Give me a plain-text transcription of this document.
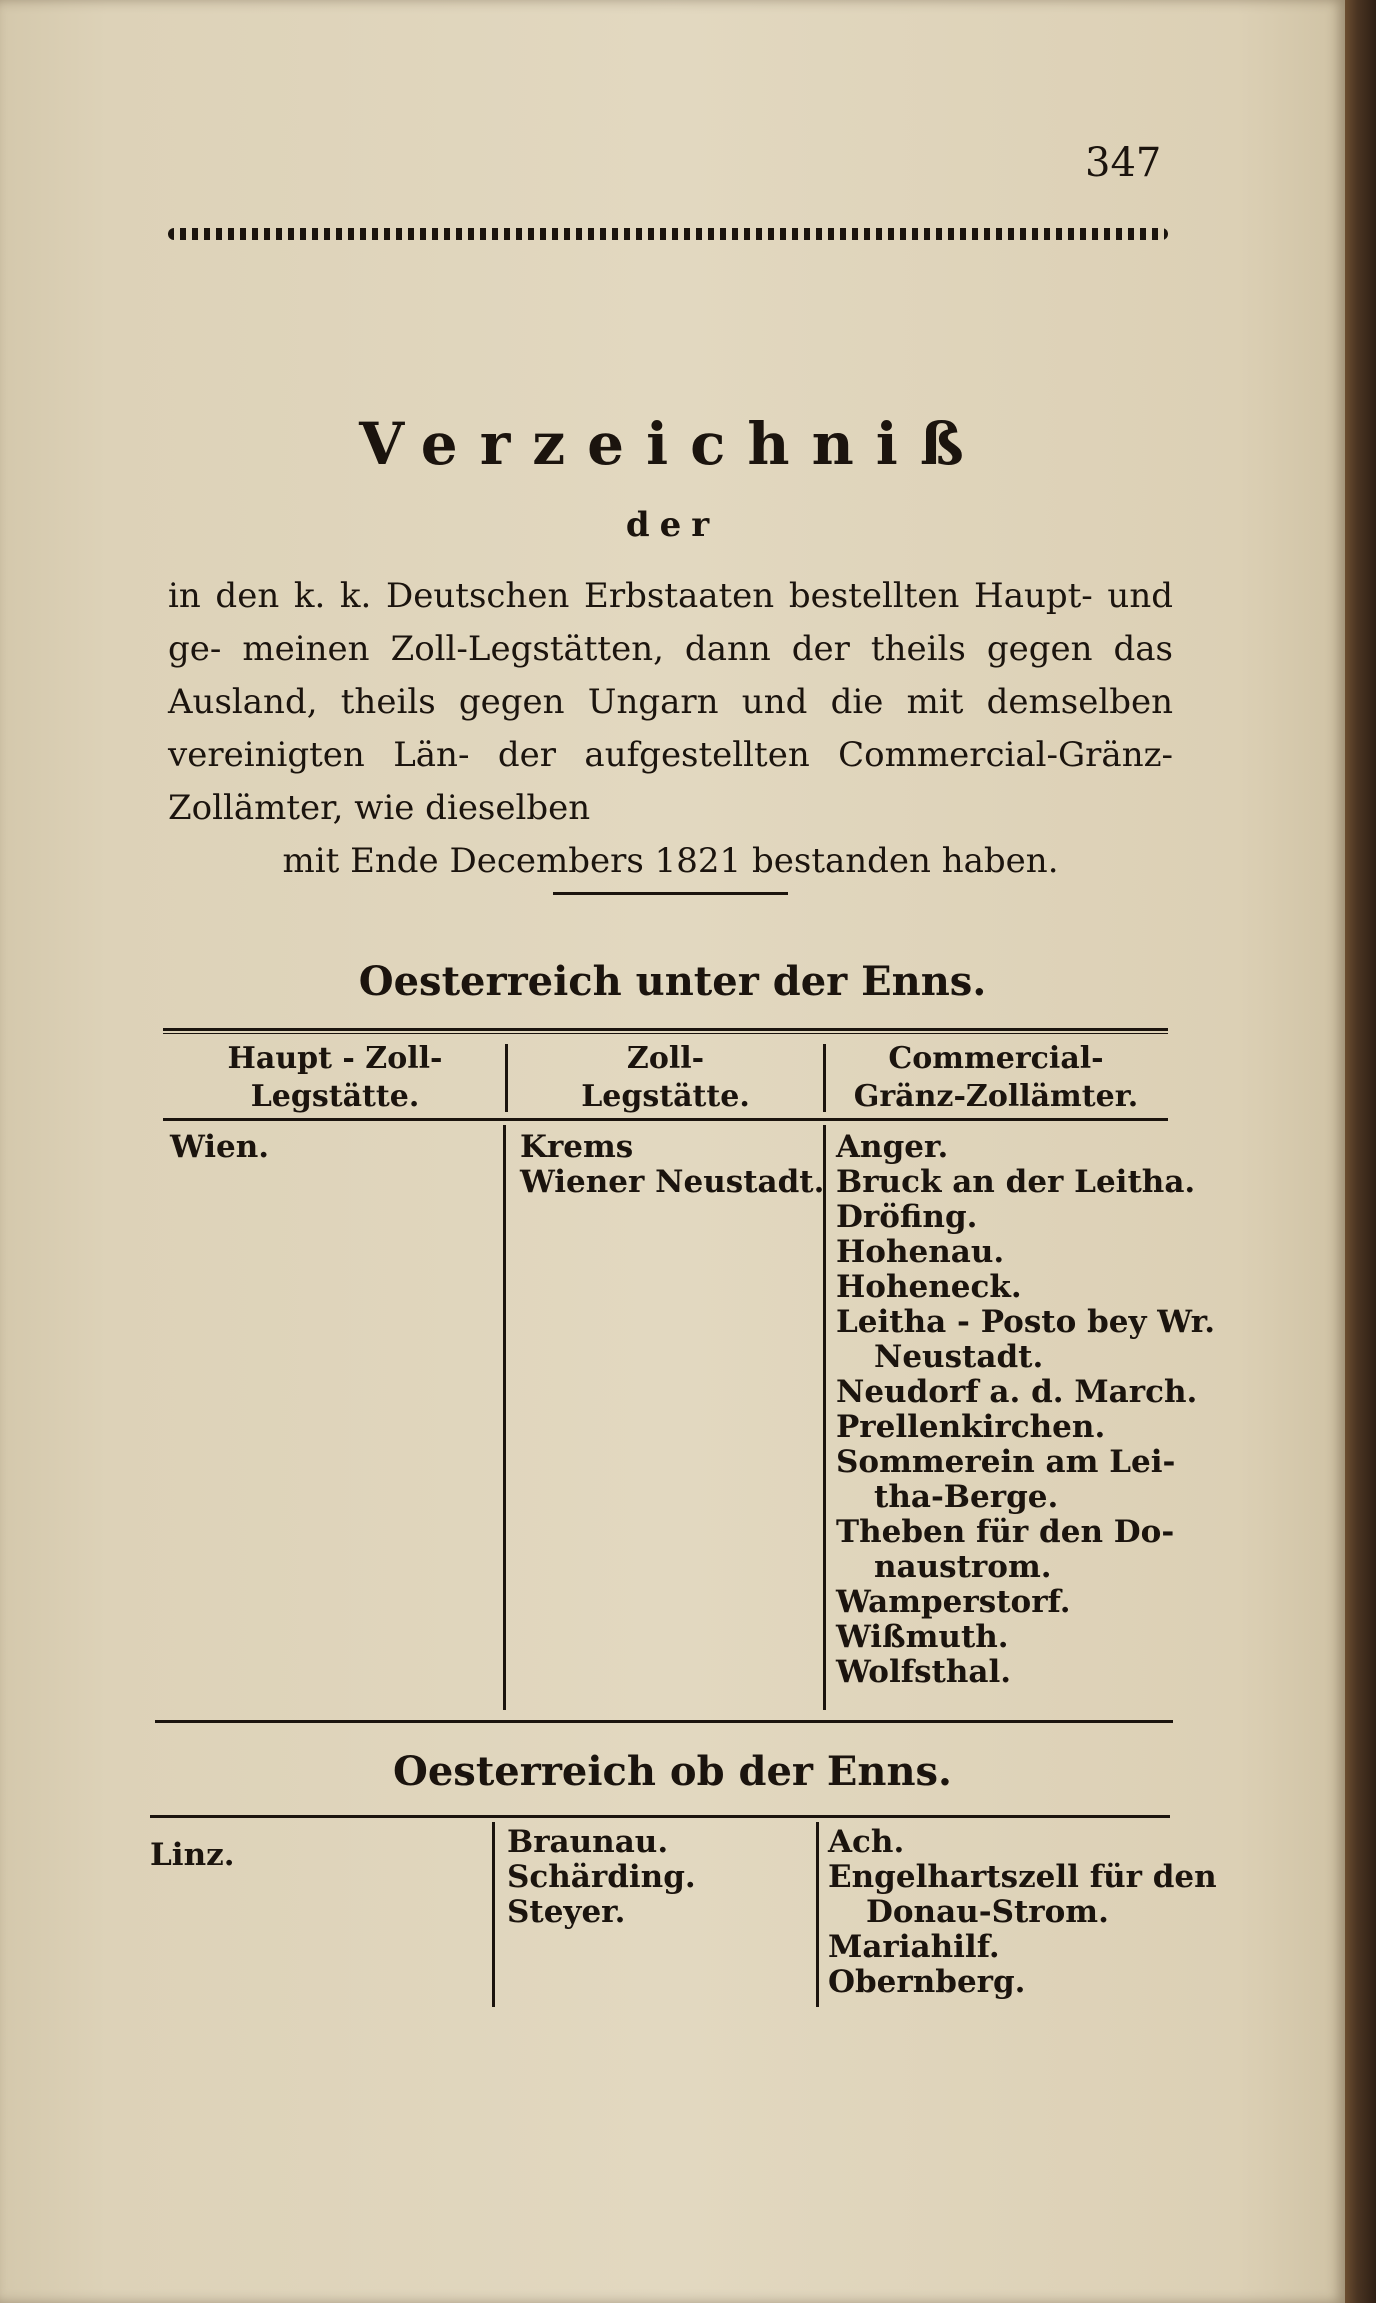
347
Verzeichniß
der
in den k. k. Deutschen Erbstaaten bestellten Haupt- und ge- meinen Zoll-Legstätten, dann der theils gegen das Ausland, theils gegen Ungarn und die mit demselben vereinigten Län- der aufgestellten Commercial-Gränz-Zollämter, wie dieselben
mit Ende Decembers 1821 bestanden haben.
Oesterreich unter der Enns.
Haupt - Zoll-
Legstätte.
Zoll-
Legstätte.
Commercial-
Gränz-Zollämter.
Wien.	Krems
Wiener Neustadt.
Anger.
Bruck an der Leitha.
Dröfing.
Hohenau.
Hoheneck.
Leitha - Posto bey Wr.
Neustadt.
Neudorf a. d. March.
Prellenkirchen.
Sommerein am Lei-
tha-Berge.
Theben für den Do-
naustrom.
Wamperstorf.
Wißmuth.
Wolfsthal.
Oesterreich ob der Enns.
Linz.	Braunau.
Schärding.
Steyer.
Ach.
Engelhartszell für den
Donau-Strom.
Mariahilf.
Obernberg.
